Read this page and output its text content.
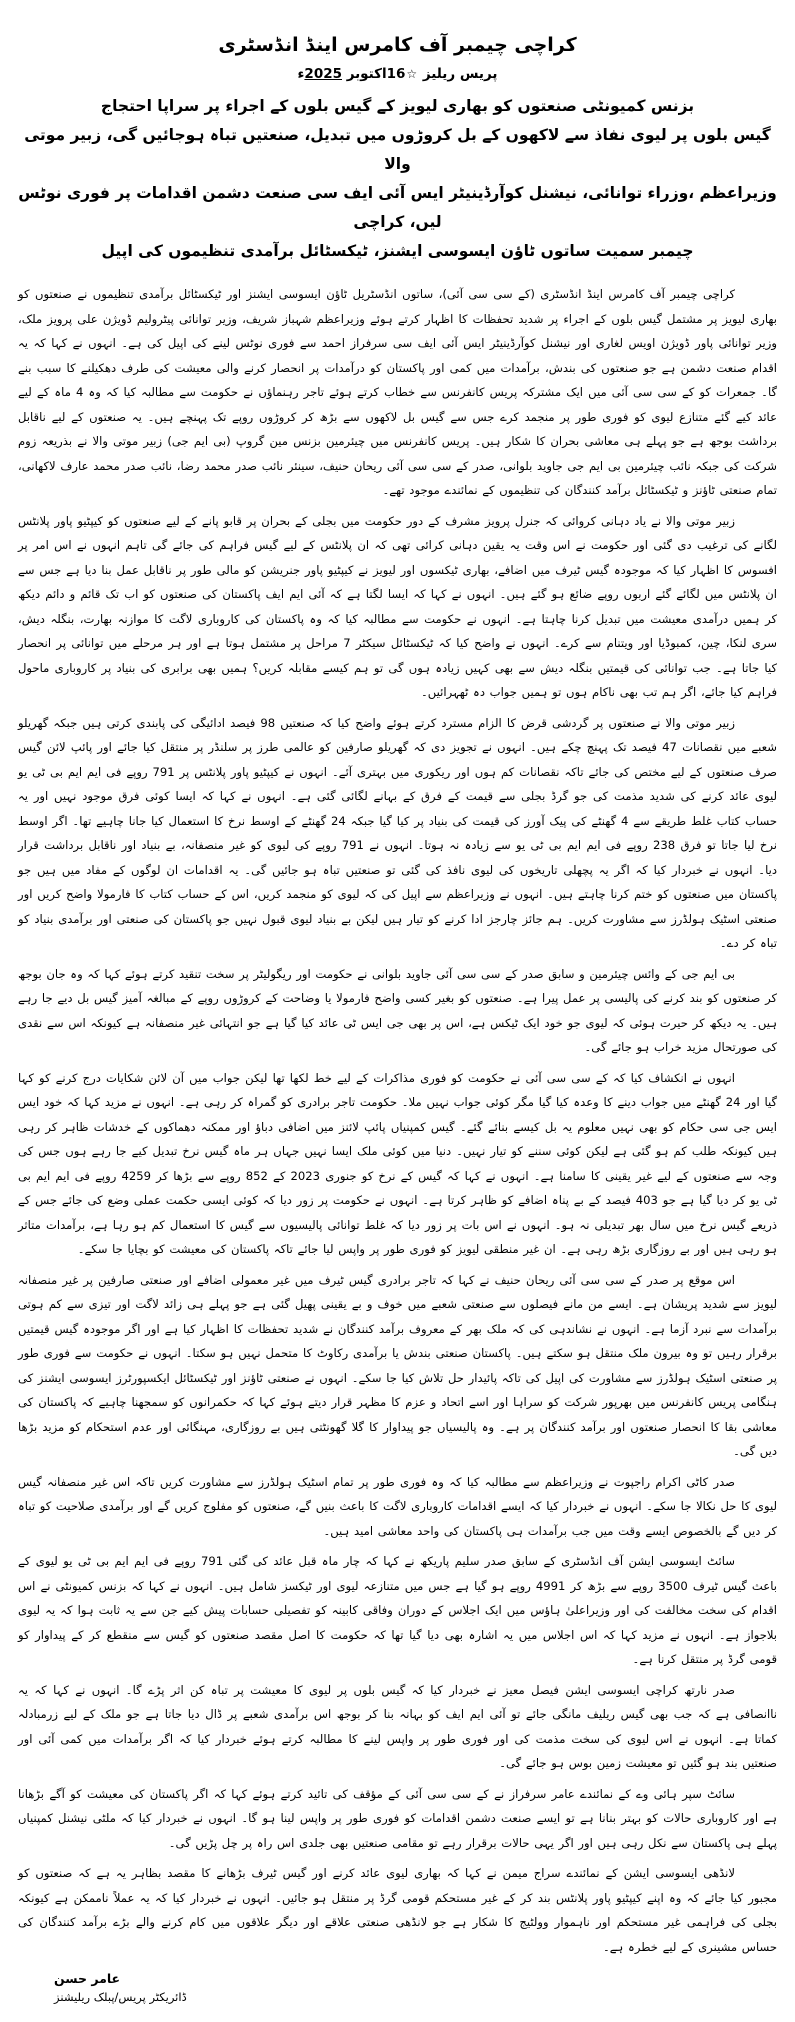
کراچی چیمبر آف کامرس اینڈ انڈسٹری
پریس ریلیز ☆16اکتوبر 2025ء

بزنس کمیونٹی صنعتوں کو بھاری لیویز کے گیس بلوں کے اجراء پر سراپا احتجاج

گیس بلوں پر لیوی نفاذ سے لاکھوں کے بل کروڑوں میں تبدیل، صنعتیں تباہ ہوجائیں گی، زبیر موتی والا

وزیراعظم ،وزراء توانائی، نیشنل کوآرڈینیٹر ایس آئی ایف سی صنعت دشمن اقدامات پر فوری نوٹس لیں، کراچی

چیمبر سمیت ساتوں ٹاؤن ایسوسی ایشنز، ٹیکسٹائل برآمدی تنظیموں کی اپیل

کراچی چیمبر آف کامرس اینڈ انڈسٹری (کے سی سی آئی)، ساتوں انڈسٹریل ٹاؤن ایسوسی ایشنز اور ٹیکسٹائل برآمدی تنظیموں نے صنعتوں کو بھاری لیویز پر مشتمل گیس بلوں کے اجراء پر شدید تحفظات کا اظہار کرتے ہوئے وزیراعظم شہباز شریف، وزیر توانائی پیٹرولیم ڈویژن علی پرویز ملک، وزیر توانائی پاور ڈویژن اویس لغاری اور نیشنل کوآرڈینیٹر ایس آئی ایف سی سرفراز احمد سے فوری نوٹس لینے کی اپیل کی ہے۔ انہوں نے کہا کہ یہ اقدام صنعت دشمن ہے جو صنعتوں کی بندش، برآمدات میں کمی اور پاکستان کو درآمدات پر انحصار کرنے والی معیشت کی طرف دھکیلنے کا سبب بنے گا۔ جمعرات کو کے سی سی آئی میں ایک مشترکہ پریس کانفرنس سے خطاب کرتے ہوئے تاجر رہنماؤں نے حکومت سے مطالبہ کیا کہ وہ 4 ماہ کے لیے عائد کیے گئے متنازع لیوی کو فوری طور پر منجمد کرے جس سے گیس بل لاکھوں سے بڑھ کر کروڑوں روپے تک پہنچے ہیں۔ یہ صنعتوں کے لیے ناقابل برداشت بوجھ ہے جو پہلے ہی معاشی بحران کا شکار ہیں۔ پریس کانفرنس میں چیئرمین بزنس مین گروپ (بی ایم جی) زبیر موتی والا نے بذریعہ زوم شرکت کی جبکہ نائب چیئرمین بی ایم جی جاوید بلوانی، صدر کے سی سی آئی ریحان حنیف، سینئر نائب صدر محمد رضا، نائب صدر محمد عارف لاکھانی، تمام صنعتی ٹاؤنز و ٹیکسٹائل برآمد کنندگان کی تنظیموں کے نمائندے موجود تھے۔

زبیر موتی والا نے یاد دہانی کروائی کہ جنرل پرویز مشرف کے دور حکومت میں بجلی کے بحران پر قابو پانے کے لیے صنعتوں کو کیپٹیو پاور پلانٹس لگانے کی ترغیب دی گئی اور حکومت نے اس وقت یہ یقین دہانی کرائی تھی کہ ان پلانٹس کے لیے گیس فراہم کی جائے گی تاہم انہوں نے اس امر پر افسوس کا اظہار کیا کہ موجودہ گیس ٹیرف میں اضافے، بھاری ٹیکسوں اور لیویز نے کیپٹیو پاور جنریشن کو مالی طور پر ناقابل عمل بنا دیا ہے جس سے ان پلانٹس میں لگائے گئے اربوں روپے ضائع ہو گئے ہیں۔ انہوں نے کہا کہ ایسا لگتا ہے کہ آئی ایم ایف پاکستان کی صنعتوں کو اب تک قائم و دائم دیکھ کر ہمیں درآمدی معیشت میں تبدیل کرنا چاہتا ہے۔ انہوں نے حکومت سے مطالبہ کیا کہ وہ پاکستان کی کاروباری لاگت کا موازنہ بھارت، بنگلہ دیش، سری لنکا، چین، کمبوڈیا اور ویتنام سے کرے۔ انہوں نے واضح کیا کہ ٹیکسٹائل سیکٹر 7 مراحل پر مشتمل ہوتا ہے اور ہر مرحلے میں توانائی پر انحصار کیا جاتا ہے۔ جب توانائی کی قیمتیں بنگلہ دیش سے بھی کہیں زیادہ ہوں گی تو ہم کیسے مقابلہ کریں؟ ہمیں بھی برابری کی بنیاد پر کاروباری ماحول فراہم کیا جائے، اگر ہم تب بھی ناکام ہوں تو ہمیں جواب دہ ٹھہرائیں۔

زبیر موتی والا نے صنعتوں پر گردشی قرض کا الزام مسترد کرتے ہوئے واضح کیا کہ صنعتیں 98 فیصد ادائیگی کی پابندی کرتی ہیں جبکہ گھریلو شعبے میں نقصانات 47 فیصد تک پہنچ چکے ہیں۔ انہوں نے تجویز دی کہ گھریلو صارفین کو عالمی طرز پر سلنڈر پر منتقل کیا جائے اور پائپ لائن گیس صرف صنعتوں کے لیے مختص کی جائے تاکہ نقصانات کم ہوں اور ریکوری میں بہتری آئے۔ انہوں نے کیپٹیو پاور پلانٹس پر 791 روپے فی ایم ایم بی ٹی یو لیوی عائد کرنے کی شدید مذمت کی جو گرڈ بجلی سے قیمت کے فرق کے بہانے لگائی گئی ہے۔ انہوں نے کہا کہ ایسا کوئی فرق موجود نہیں اور یہ حساب کتاب غلط طریقے سے 4 گھنٹے کی پیک آورز کی قیمت کی بنیاد پر کیا گیا جبکہ 24 گھنٹے کے اوسط نرخ کا استعمال کیا جانا چاہیے تھا۔ اگر اوسط نرخ لیا جاتا تو فرق 238 روپے فی ایم ایم بی ٹی یو سے زیادہ نہ ہوتا۔ انہوں نے 791 روپے کی لیوی کو غیر منصفانہ، بے بنیاد اور ناقابل برداشت قرار دیا۔ انہوں نے خبردار کیا کہ اگر یہ پچھلی تاریخوں کی لیوی نافذ کی گئی تو صنعتیں تباہ ہو جائیں گی۔ یہ اقدامات ان لوگوں کے مفاد میں ہیں جو پاکستان میں صنعتوں کو ختم کرنا چاہتے ہیں۔ انہوں نے وزیراعظم سے اپیل کی کہ لیوی کو منجمد کریں، اس کے حساب کتاب کا فارمولا واضح کریں اور صنعتی اسٹیک ہولڈرز سے مشاورت کریں۔ ہم جائز چارجز ادا کرنے کو تیار ہیں لیکن بے بنیاد لیوی قبول نہیں جو پاکستان کی صنعتی اور برآمدی بنیاد کو تباہ کر دے۔

بی ایم جی کے وائس چیئرمین و سابق صدر کے سی سی آئی جاوید بلوانی نے حکومت اور ریگولیٹر پر سخت تنقید کرتے ہوئے کہا کہ وہ جان بوجھ کر صنعتوں کو بند کرنے کی پالیسی پر عمل پیرا ہے۔ صنعتوں کو بغیر کسی واضح فارمولا یا وضاحت کے کروڑوں روپے کے مبالغہ آمیز گیس بل دیے جا رہے ہیں۔ یہ دیکھ کر حیرت ہوئی کہ لیوی جو خود ایک ٹیکس ہے، اس پر بھی جی ایس ٹی عائد کیا گیا ہے جو انتہائی غیر منصفانہ ہے کیونکہ اس سے نقدی کی صورتحال مزید خراب ہو جائے گی۔

انہوں نے انکشاف کیا کہ کے سی سی آئی نے حکومت کو فوری مذاکرات کے لیے خط لکھا تھا لیکن جواب میں آن لائن شکایات درج کرنے کو کہا گیا اور 24 گھنٹے میں جواب دینے کا وعدہ کیا گیا مگر کوئی جواب نہیں ملا۔ حکومت تاجر برادری کو گمراہ کر رہی ہے۔ انہوں نے مزید کہا کہ خود ایس ایس جی سی حکام کو بھی نہیں معلوم یہ بل کیسے بنائے گئے۔ گیس کمپنیاں پائپ لائنز میں اضافی دباؤ اور ممکنہ دھماکوں کے خدشات ظاہر کر رہی ہیں کیونکہ طلب کم ہو گئی ہے لیکن کوئی سننے کو تیار نہیں۔ دنیا میں کوئی ملک ایسا نہیں جہاں ہر ماہ گیس نرخ تبدیل کیے جا رہے ہوں جس کی وجہ سے صنعتوں کے لیے غیر یقینی کا سامنا ہے۔ انہوں نے کہا کہ گیس کے نرخ کو جنوری 2023 کے 852 روپے سے بڑھا کر 4259 روپے فی ایم ایم بی ٹی یو کر دیا گیا ہے جو 403 فیصد کے بے پناہ اضافے کو ظاہر کرتا ہے۔ انہوں نے حکومت پر زور دیا کہ کوئی ایسی حکمت عملی وضع کی جائے جس کے ذریعے گیس نرخ میں سال بھر تبدیلی نہ ہو۔ انہوں نے اس بات پر زور دیا کہ غلط توانائی پالیسیوں سے گیس کا استعمال کم ہو رہا ہے، برآمدات متاثر ہو رہی ہیں اور بے روزگاری بڑھ رہی ہے۔ ان غیر منطقی لیویز کو فوری طور پر واپس لیا جائے تاکہ پاکستان کی معیشت کو بچایا جا سکے۔

اس موقع پر صدر کے سی سی آئی ریحان حنیف نے کہا کہ تاجر برادری گیس ٹیرف میں غیر معمولی اضافے اور صنعتی صارفین پر غیر منصفانہ لیویز سے شدید پریشان ہے۔ ایسے من مانے فیصلوں سے صنعتی شعبے میں خوف و بے یقینی پھیل گئی ہے جو پہلے ہی زائد لاگت اور تیزی سے کم ہوتی برآمدات سے نبرد آزما ہے۔ انہوں نے نشاندہی کی کہ ملک بھر کے معروف برآمد کنندگان نے شدید تحفظات کا اظہار کیا ہے اور اگر موجودہ گیس قیمتیں برقرار رہیں تو وہ بیرون ملک منتقل ہو سکتے ہیں۔ پاکستان صنعتی بندش یا برآمدی رکاوٹ کا متحمل نہیں ہو سکتا۔ انہوں نے حکومت سے فوری طور پر صنعتی اسٹیک ہولڈرز سے مشاورت کی اپیل کی تاکہ پائیدار حل تلاش کیا جا سکے۔ انہوں نے صنعتی ٹاؤنز اور ٹیکسٹائل ایکسپورٹرز ایسوسی ایشنز کی ہنگامی پریس کانفرنس میں بھرپور شرکت کو سراہا اور اسے اتحاد و عزم کا مظہر قرار دیتے ہوئے کہا کہ حکمرانوں کو سمجھنا چاہیے کہ پاکستان کی معاشی بقا کا انحصار صنعتوں اور برآمد کنندگان پر ہے۔ وہ پالیسیاں جو پیداوار کا گلا گھونٹتی ہیں بے روزگاری، مہنگائی اور عدم استحکام کو مزید بڑھا دیں گی۔

صدر کاٹی اکرام راجپوت نے وزیراعظم سے مطالبہ کیا کہ وہ فوری طور پر تمام اسٹیک ہولڈرز سے مشاورت کریں تاکہ اس غیر منصفانہ گیس لیوی کا حل نکالا جا سکے۔ انہوں نے خبردار کیا کہ ایسے اقدامات کاروباری لاگت کا باعث بنیں گے، صنعتوں کو مفلوج کریں گے اور برآمدی صلاحیت کو تباہ کر دیں گے بالخصوص ایسے وقت میں جب برآمدات ہی پاکستان کی واحد معاشی امید ہیں۔

سائٹ ایسوسی ایشن آف انڈسٹری کے سابق صدر سلیم پاریکھ نے کہا کہ چار ماہ قبل عائد کی گئی 791 روپے فی ایم ایم بی ٹی یو لیوی کے باعث گیس ٹیرف 3500 روپے سے بڑھ کر 4991 روپے ہو گیا ہے جس میں متنازعہ لیوی اور ٹیکسز شامل ہیں۔ انہوں نے کہا کہ بزنس کمیونٹی نے اس اقدام کی سخت مخالفت کی اور وزیراعلیٰ ہاؤس میں ایک اجلاس کے دوران وفاقی کابینہ کو تفصیلی حسابات پیش کیے جن سے یہ ثابت ہوا کہ یہ لیوی بلاجواز ہے۔ انہوں نے مزید کہا کہ اس اجلاس میں یہ اشارہ بھی دیا گیا تھا کہ حکومت کا اصل مقصد صنعتوں کو گیس سے منقطع کر کے پیداوار کو قومی گرڈ پر منتقل کرنا ہے۔

صدر نارتھ کراچی ایسوسی ایشن فیصل معیز نے خبردار کیا کہ گیس بلوں پر لیوی کا معیشت پر تباہ کن اثر پڑے گا۔ انہوں نے کہا کہ یہ ناانصافی ہے کہ جب بھی گیس ریلیف مانگی جائے تو آئی ایم ایف کو بہانہ بنا کر بوجھ اس برآمدی شعبے پر ڈال دیا جاتا ہے جو ملک کے لیے زرمبادلہ کماتا ہے۔ انہوں نے اس لیوی کی سخت مذمت کی اور فوری طور پر واپس لینے کا مطالبہ کرتے ہوئے خبردار کیا کہ اگر برآمدات میں کمی آئی اور صنعتیں بند ہو گئیں تو معیشت زمین بوس ہو جائے گی۔

سائٹ سپر ہائی وے کے نمائندے عامر سرفراز نے کے سی سی آئی کے مؤقف کی تائید کرتے ہوئے کہا کہ اگر پاکستان کی معیشت کو آگے بڑھانا ہے اور کاروباری حالات کو بہتر بنانا ہے تو ایسے صنعت دشمن اقدامات کو فوری طور پر واپس لینا ہو گا۔ انہوں نے خبردار کیا کہ ملٹی نیشنل کمپنیاں پہلے ہی پاکستان سے نکل رہی ہیں اور اگر یہی حالات برقرار رہے تو مقامی صنعتیں بھی جلدی اس راہ پر چل پڑیں گی۔

لانڈھی ایسوسی ایشن کے نمائندے سراج میمن نے کہا کہ بھاری لیوی عائد کرنے اور گیس ٹیرف بڑھانے کا مقصد بظاہر یہ ہے کہ صنعتوں کو مجبور کیا جائے کہ وہ اپنے کیپٹیو پاور پلانٹس بند کر کے غیر مستحکم قومی گرڈ پر منتقل ہو جائیں۔ انہوں نے خبردار کیا کہ یہ عملاً ناممکن ہے کیونکہ بجلی کی فراہمی غیر مستحکم اور ناہموار وولٹیج کا شکار ہے جو لانڈھی صنعتی علاقے اور دیگر علاقوں میں کام کرنے والے بڑے برآمد کنندگان کی حساس مشینری کے لیے خطرہ ہے۔

عامر حسن

ڈائریکٹر پریس/پبلک ریلیشنز
